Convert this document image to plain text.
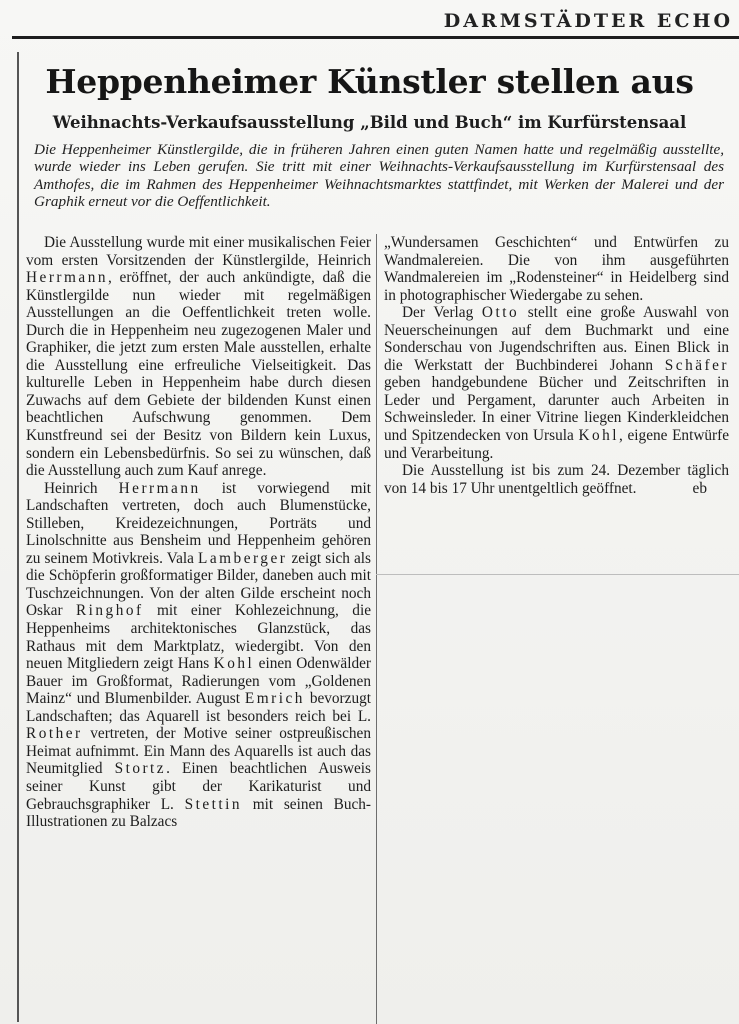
DARMSTÄDTER ECHO
Heppenheimer Künstler stellen aus
Weihnachts-Verkaufsausstellung „Bild und Buch“ im Kurfürstensaal

Die Heppenheimer Künstlergilde, die in früheren Jahren einen guten Namen hatte und regelmäßig ausstellte, wurde wieder ins Leben gerufen. Sie tritt mit einer Weihnachts-Verkaufsausstellung im Kurfürstensaal des Amthofes, die im Rahmen des Heppenheimer Weihnachtsmarktes stattfindet, mit Werken der Malerei und der Graphik erneut vor die Oeffentlichkeit.

Die Ausstellung wurde mit einer musikalischen Feier vom ersten Vorsitzenden der Künstlergilde, Heinrich Herrmann, eröffnet, der auch ankündigte, daß die Künstlergilde nun wieder mit regelmäßigen Ausstellungen an die Oeffentlichkeit treten wolle. Durch die in Heppenheim neu zugezogenen Maler und Graphiker, die jetzt zum ersten Male ausstellen, erhalte die Ausstellung eine erfreuliche Vielseitigkeit. Das kulturelle Leben in Heppenheim habe durch diesen Zuwachs auf dem Gebiete der bildenden Kunst einen beachtlichen Aufschwung genommen. Dem Kunstfreund sei der Besitz von Bildern kein Luxus, sondern ein Lebensbedürfnis. So sei zu wünschen, daß die Ausstellung auch zum Kauf anrege.

Heinrich Herrmann ist vorwiegend mit Landschaften vertreten, doch auch Blumenstücke, Stilleben, Kreidezeichnungen, Porträts und Linolschnitte aus Bensheim und Heppenheim gehören zu seinem Motivkreis. Vala Lamberger zeigt sich als die Schöpferin großformatiger Bilder, daneben auch mit Tuschzeichnungen. Von der alten Gilde erscheint noch Oskar Ringhof mit einer Kohlezeichnung, die Heppenheims architektonisches Glanzstück, das Rathaus mit dem Marktplatz, wiedergibt. Von den neuen Mitgliedern zeigt Hans Kohl einen Odenwälder Bauer im Großformat, Radierungen vom „Goldenen Mainz“ und Blumenbilder. August Emrich bevorzugt Landschaften; das Aquarell ist besonders reich bei L. Rother vertreten, der Motive seiner ostpreußischen Heimat aufnimmt. Ein Mann des Aquarells ist auch das Neumitglied Stortz. Einen beachtlichen Ausweis seiner Kunst gibt der Karikaturist und Gebrauchsgraphiker L. Stettin mit seinen Buch-Illustrationen zu Balzacs

„Wundersamen Geschichten“ und Entwürfen zu Wandmalereien. Die von ihm ausgeführten Wandmalereien im „Rodensteiner“ in Heidelberg sind in photographischer Wiedergabe zu sehen.

Der Verlag Otto stellt eine große Auswahl von Neuerscheinungen auf dem Buchmarkt und eine Sonderschau von Jugendschriften aus. Einen Blick in die Werkstatt der Buchbinderei Johann Schäfer geben handgebundene Bücher und Zeitschriften in Leder und Pergament, darunter auch Arbeiten in Schweinsleder. In einer Vitrine liegen Kinderkleidchen und Spitzendecken von Ursula Kohl, eigene Entwürfe und Verarbeitung.

Die Ausstellung ist bis zum 24. Dezember täglich von 14 bis 17 Uhr unentgeltlich geöffnet.	eb
